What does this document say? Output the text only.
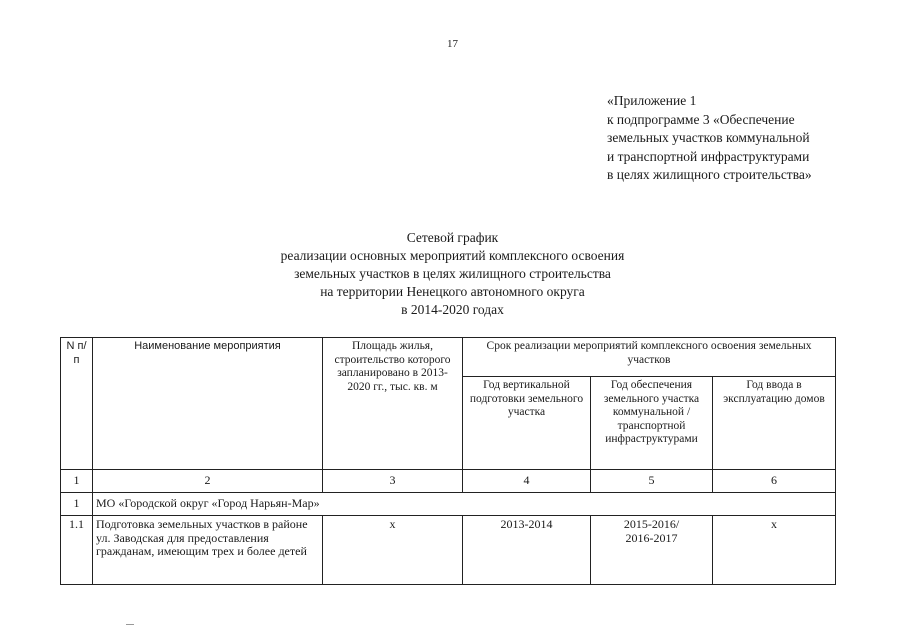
17
«Приложение 1
к подпрограмме 3 «Обеспечение
земельных участков коммунальной
и транспортной инфраструктурами
в целях жилищного строительства»
Сетевой график
реализации основных мероприятий комплексного освоения
земельных участков в целях жилищного строительства
на территории Ненецкого автономного округа
в 2014-2020 годах
N п/п	Наименование мероприятия	Площадь жилья, строительство которого запланировано в 2013-2020 гг., тыс. кв. м	Срок реализации мероприятий комплексного освоения земельных участков		
			Год вертикальной подготовки земельного участка	Год обеспечения земельного участка коммунальной / транспортной инфраструктурами	Год ввода в эксплуатацию домов
1	2	3	4	5	6
1	МО «Городской округ «Город Нарьян-Мар»				
1.1	Подготовка земельных участков в районе ул. Заводская для предоставления гражданам, имеющим трех и более детей	х	2013-2014	2015-2016/
2016-2017	х
